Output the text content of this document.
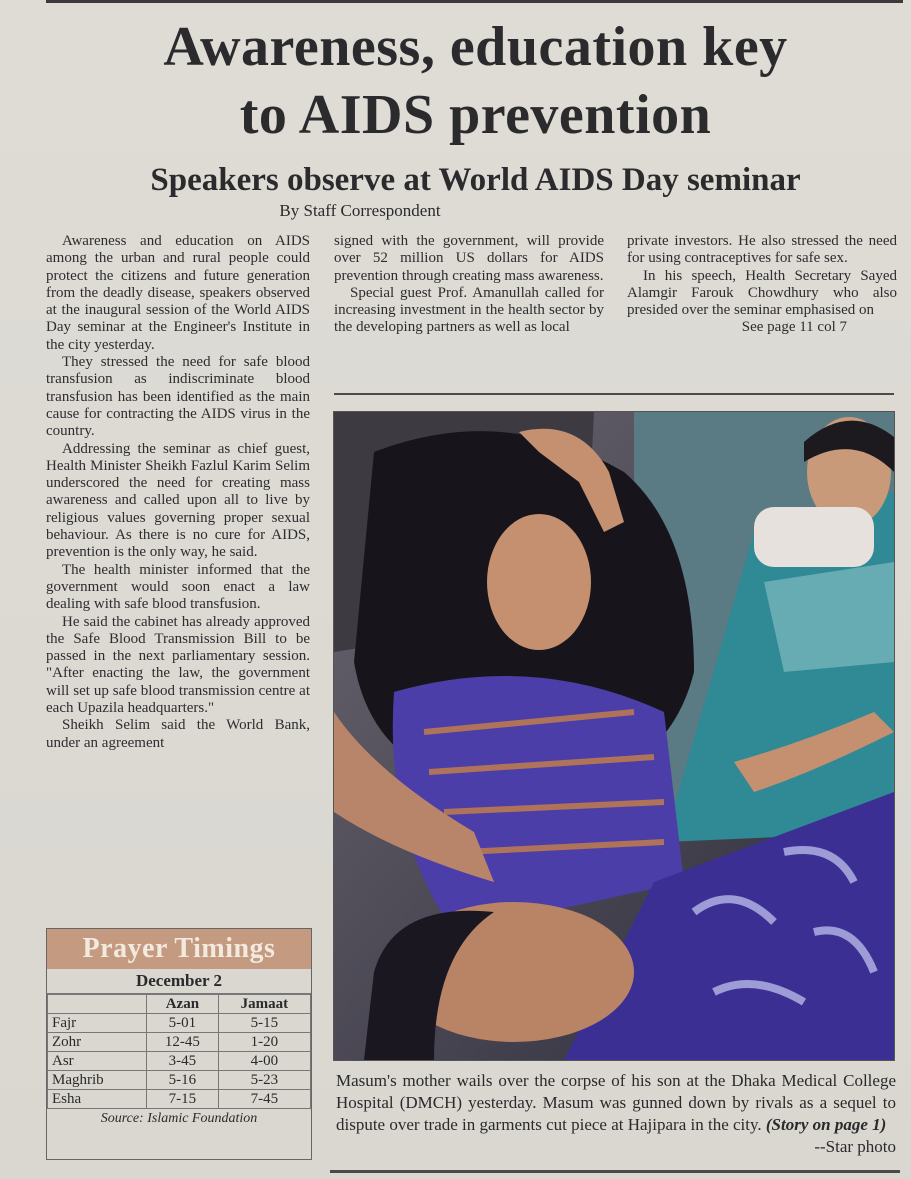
Awareness, education key
to AIDS prevention
Speakers observe at World AIDS Day seminar
By Staff Correspondent

Awareness and education on AIDS among the urban and rural people could protect the citizens and future generation from the deadly disease, speakers observed at the inaugural session of the World AIDS Day seminar at the Engineer's Institute in the city yesterday.

They stressed the need for safe blood transfusion as indiscriminate blood transfusion has been identified as the main cause for contracting the AIDS virus in the country.

Addressing the seminar as chief guest, Health Minister Sheikh Fazlul Karim Selim underscored the need for creating mass awareness and called upon all to live by religious values governing proper sexual behaviour. As there is no cure for AIDS, prevention is the only way, he said.

The health minister informed that the government would soon enact a law dealing with safe blood transfusion.

He said the cabinet has already approved the Safe Blood Transmission Bill to be passed in the next parliamentary session. "After enacting the law, the government will set up safe blood transmission centre at each Upazila headquarters."

Sheikh Selim said the World Bank, under an agreement

signed with the government, will provide over 52 million US dollars for AIDS prevention through creating mass awareness.

Special guest Prof. Amanullah called for increasing investment in the health sector by the developing partners as well as local

private investors. He also stressed the need for using contraceptives for safe sex.

In his speech, Health Secretary Sayed Alamgir Farouk Chowdhury who also presided over the seminar emphasised on

See page 11 col 7
Masum's mother wails over the corpse of his son at the Dhaka Medical College Hospital (DMCH) yesterday. Masum was gunned down by rivals as a sequel to dispute over trade in garments cut piece at Hajipara in the city. (Story on page 1)
--Star photo
Prayer Timings
December 2
	Azan	Jamaat
Fajr	5-01	5-15
Zohr	12-45	1-20
Asr	3-45	4-00
Maghrib	5-16	5-23
Esha	7-15	7-45
Source: Islamic Foundation
